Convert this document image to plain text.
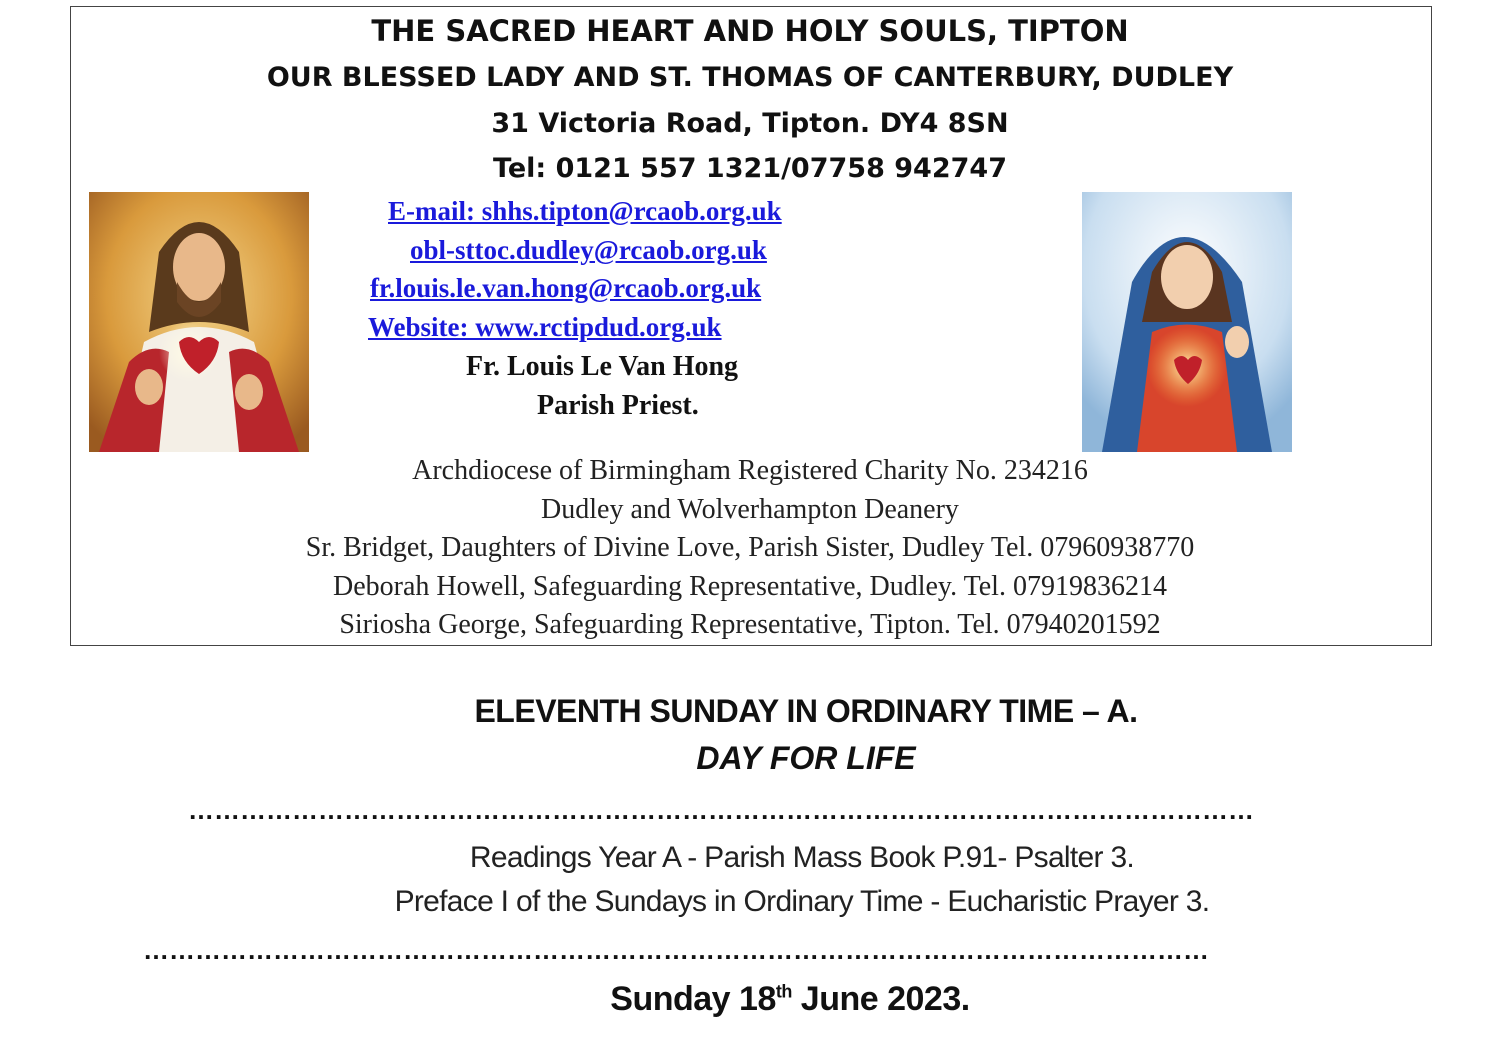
THE SACRED HEART AND HOLY SOULS, TIPTON
OUR BLESSED LADY AND ST. THOMAS OF CANTERBURY, DUDLEY
31 Victoria Road, Tipton. DY4 8SN
Tel: 0121 557 1321/07758 942747
E-mail: shhs.tipton@rcaob.org.uk
obl-sttoc.dudley@rcaob.org.uk
fr.louis.le.van.hong@rcaob.org.uk
Website: www.rctipdud.org.uk
Fr. Louis Le Van Hong
Parish Priest.
Archdiocese of Birmingham Registered Charity No. 234216
Dudley and Wolverhampton Deanery
Sr. Bridget, Daughters of Divine Love, Parish Sister, Dudley Tel. 07960938770
Deborah Howell, Safeguarding Representative, Dudley. Tel. 07919836214
Siriosha George, Safeguarding Representative, Tipton. Tel. 07940201592
ELEVENTH SUNDAY IN ORDINARY TIME – A.
DAY FOR LIFE
……………………………………………………………………………………………………………
Readings Year A - Parish Mass Book P.91- Psalter 3.
Preface I of the Sundays in Ordinary Time - Eucharistic Prayer 3.
……………………………………………………………………………………………………………
Sunday 18th June 2023.
